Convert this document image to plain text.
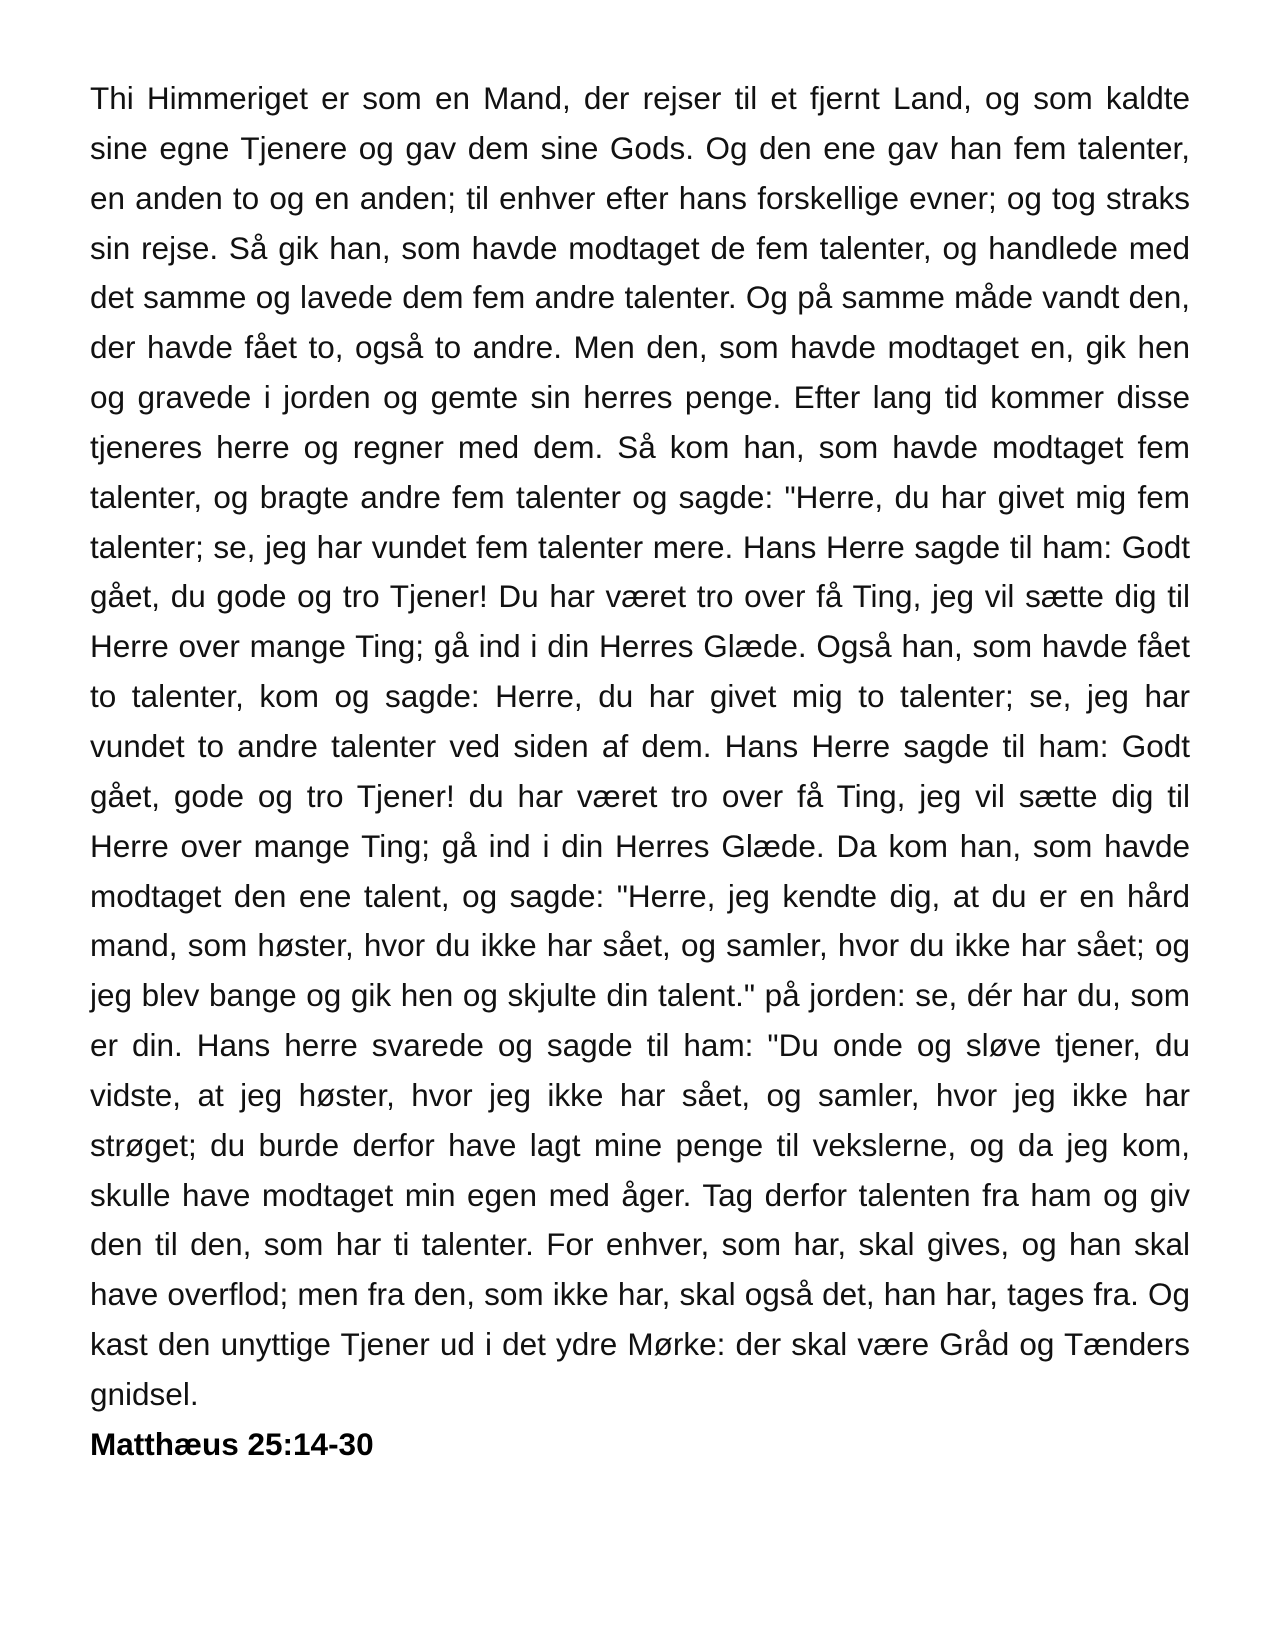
Thi Himmeriget er som en Mand, der rejser til et fjernt Land, og som kaldte sine egne Tjenere og gav dem sine Gods. Og den ene gav han fem talenter, en anden to og en anden; til enhver efter hans forskellige evner; og tog straks sin rejse. Så gik han, som havde modtaget de fem talenter, og handlede med det samme og lavede dem fem andre talenter. Og på samme måde vandt den, der havde fået to, også to andre. Men den, som havde modtaget en, gik hen og gravede i jorden og gemte sin herres penge. Efter lang tid kommer disse tjeneres herre og regner med dem. Så kom han, som havde modtaget fem talenter, og bragte andre fem talenter og sagde: "Herre, du har givet mig fem talenter; se, jeg har vundet fem talenter mere. Hans Herre sagde til ham: Godt gået, du gode og tro Tjener! Du har været tro over få Ting, jeg vil sætte dig til Herre over mange Ting; gå ind i din Herres Glæde. Også han, som havde fået to talenter, kom og sagde: Herre, du har givet mig to talenter; se, jeg har vundet to andre talenter ved siden af dem. Hans Herre sagde til ham: Godt gået, gode og tro Tjener! du har været tro over få Ting, jeg vil sætte dig til Herre over mange Ting; gå ind i din Herres Glæde. Da kom han, som havde modtaget den ene talent, og sagde: "Herre, jeg kendte dig, at du er en hård mand, som høster, hvor du ikke har sået, og samler, hvor du ikke har sået; og jeg blev bange og gik hen og skjulte din talent." på jorden: se, dér har du, som er din. Hans herre svarede og sagde til ham: "Du onde og sløve tjener, du vidste, at jeg høster, hvor jeg ikke har sået, og samler, hvor jeg ikke har strøget; du burde derfor have lagt mine penge til vekslerne, og da jeg kom, skulle have modtaget min egen med åger. Tag derfor talenten fra ham og giv den til den, som har ti talenter. For enhver, som har, skal gives, og han skal have overflod; men fra den, som ikke har, skal også det, han har, tages fra. Og kast den unyttige Tjener ud i det ydre Mørke: der skal være Gråd og Tænders gnidsel.

Matthæus 25:14-30
